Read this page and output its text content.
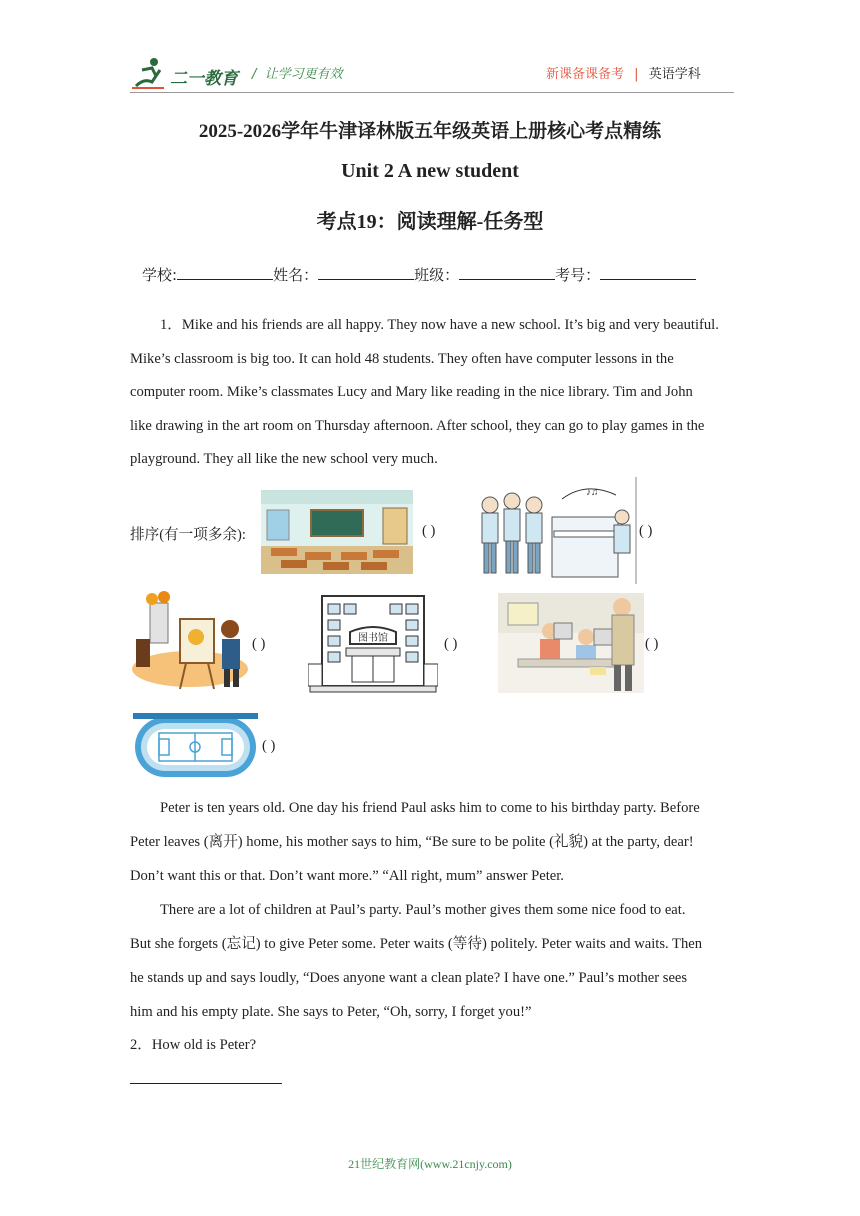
二一教育 /  让学习更有效	新课备课备考 | 英语学科
2025-2026学年牛津译林版五年级英语上册核心考点精练
Unit 2 A new student
考点19：阅读理解-任务型
学校:	姓名：	班级：	考号：
1．Mike and his friends are all happy. They now have a new school. It’s big and very beautiful.
Mike’s classroom is big too. It can hold 48 students. They often have computer lessons in the
computer room. Mike’s classmates Lucy and Mary like reading in the nice library. Tim and John
like drawing in the art room on Thursday afternoon. After school, they can go to play games in the
playground. They all like the new school very much.
排序(有一项多余):	( )
♪♫
( )
( )	图书馆	( )	( )
( )
Peter is ten years old. One day his friend Paul asks him to come to his birthday party. Before
Peter leaves (离开) home, his mother says to him, “Be sure to be polite (礼貌) at the party, dear!
Don’t want this or that. Don’t want more.” “All right, mum” answer Peter.
There are a lot of children at Paul’s party. Paul’s mother gives them some nice food to eat.
But she forgets (忘记) to give Peter some. Peter waits (等待) politely. Peter waits and waits. Then
he stands up and says loudly, “Does anyone want a clean plate? I have one.” Paul’s mother sees
him and his empty plate. She says to Peter, “Oh, sorry, I forget you!”
2．How old is Peter?
21世纪教育网(www.21cnjy.com)
